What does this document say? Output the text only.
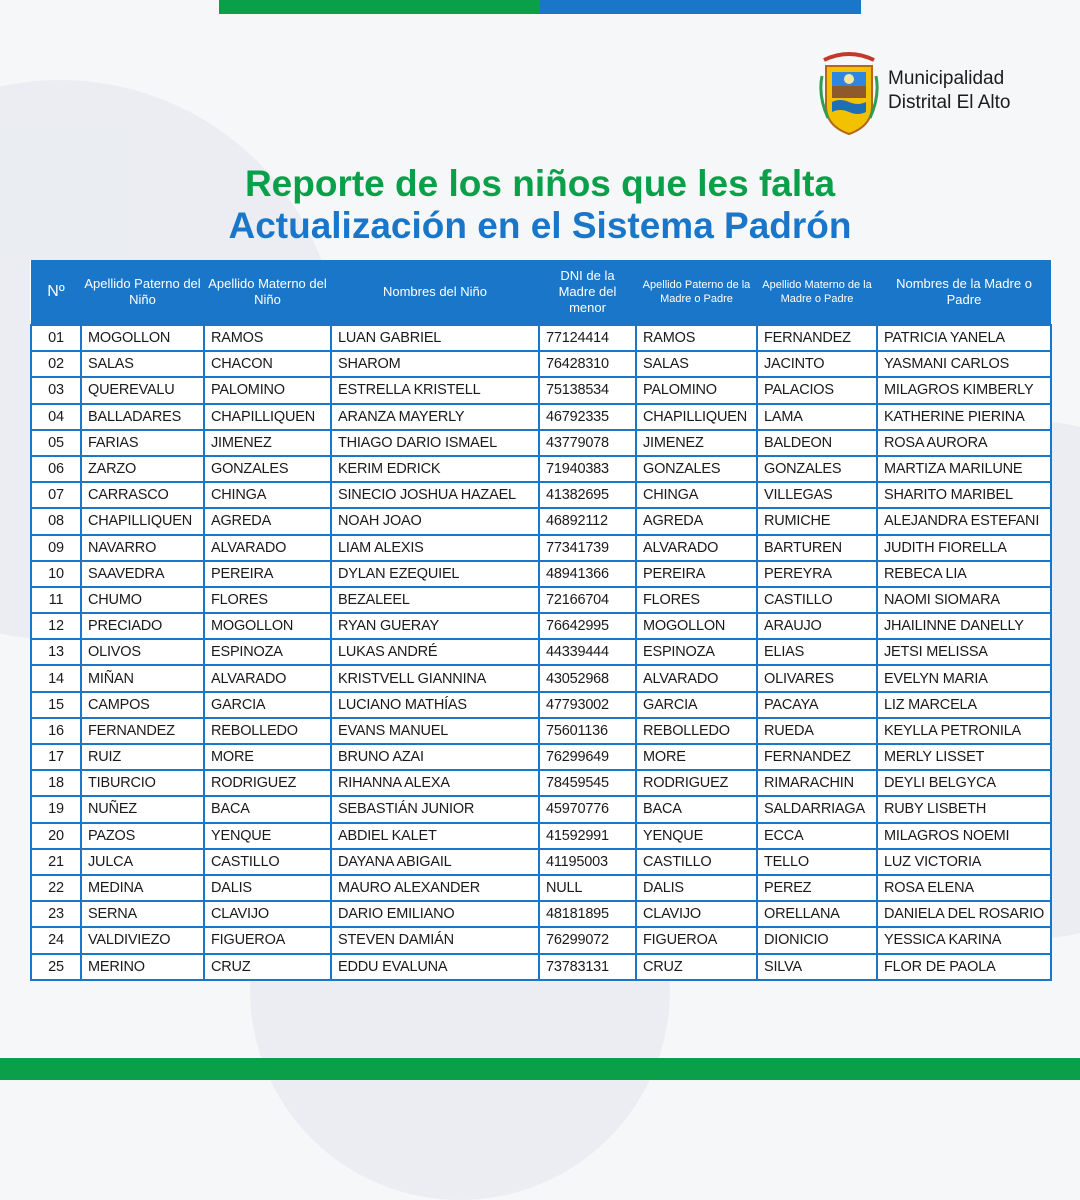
Municipalidad
Distrital El Alto
Reporte de los niños que les falta
Actualización en el Sistema Padrón
Nº	Apellido Paterno del Niño	Apellido Materno del Niño	Nombres del Niño	DNI de la Madre del menor	Apellido Paterno de la Madre o Padre	Apellido Materno de la Madre o Padre	Nombres de la Madre o Padre
01	MOGOLLON	RAMOS	LUAN GABRIEL	77124414	RAMOS	FERNANDEZ	PATRICIA YANELA
02	SALAS	CHACON	SHAROM	76428310	SALAS	JACINTO	YASMANI CARLOS
03	QUEREVALU	PALOMINO	ESTRELLA KRISTELL	75138534	PALOMINO	PALACIOS	MILAGROS KIMBERLY
04	BALLADARES	CHAPILLIQUEN	ARANZA MAYERLY	46792335	CHAPILLIQUEN	LAMA	KATHERINE PIERINA
05	FARIAS	JIMENEZ	THIAGO DARIO ISMAEL	43779078	JIMENEZ	BALDEON	ROSA AURORA
06	ZARZO	GONZALES	KERIM EDRICK	71940383	GONZALES	GONZALES	MARTIZA MARILUNE
07	CARRASCO	CHINGA	SINECIO JOSHUA HAZAEL	41382695	CHINGA	VILLEGAS	SHARITO MARIBEL
08	CHAPILLIQUEN	AGREDA	NOAH JOAO	46892112	AGREDA	RUMICHE	ALEJANDRA ESTEFANI
09	NAVARRO	ALVARADO	LIAM ALEXIS	77341739	ALVARADO	BARTUREN	JUDITH FIORELLA
10	SAAVEDRA	PEREIRA	DYLAN EZEQUIEL	48941366	PEREIRA	PEREYRA	REBECA LIA
11	CHUMO	FLORES	BEZALEEL	72166704	FLORES	CASTILLO	NAOMI SIOMARA
12	PRECIADO	MOGOLLON	RYAN GUERAY	76642995	MOGOLLON	ARAUJO	JHAILINNE DANELLY
13	OLIVOS	ESPINOZA	LUKAS ANDRÉ	44339444	ESPINOZA	ELIAS	JETSI MELISSA
14	MIÑAN	ALVARADO	KRISTVELL GIANNINA	43052968	ALVARADO	OLIVARES	EVELYN MARIA
15	CAMPOS	GARCIA	LUCIANO MATHÍAS	47793002	GARCIA	PACAYA	LIZ MARCELA
16	FERNANDEZ	REBOLLEDO	EVANS MANUEL	75601136	REBOLLEDO	RUEDA	KEYLLA PETRONILA
17	RUIZ	MORE	BRUNO AZAI	76299649	MORE	FERNANDEZ	MERLY LISSET
18	TIBURCIO	RODRIGUEZ	RIHANNA ALEXA	78459545	RODRIGUEZ	RIMARACHIN	DEYLI BELGYCA
19	NUÑEZ	BACA	SEBASTIÁN JUNIOR	45970776	BACA	SALDARRIAGA	RUBY LISBETH
20	PAZOS	YENQUE	ABDIEL KALET	41592991	YENQUE	ECCA	MILAGROS NOEMI
21	JULCA	CASTILLO	DAYANA ABIGAIL	41195003	CASTILLO	TELLO	LUZ VICTORIA
22	MEDINA	DALIS	MAURO ALEXANDER	NULL	DALIS	PEREZ	ROSA ELENA
23	SERNA	CLAVIJO	DARIO EMILIANO	48181895	CLAVIJO	ORELLANA	DANIELA DEL ROSARIO
24	VALDIVIEZO	FIGUEROA	STEVEN DAMIÁN	76299072	FIGUEROA	DIONICIO	YESSICA KARINA
25	MERINO	CRUZ	EDDU EVALUNA	73783131	CRUZ	SILVA	FLOR DE PAOLA
